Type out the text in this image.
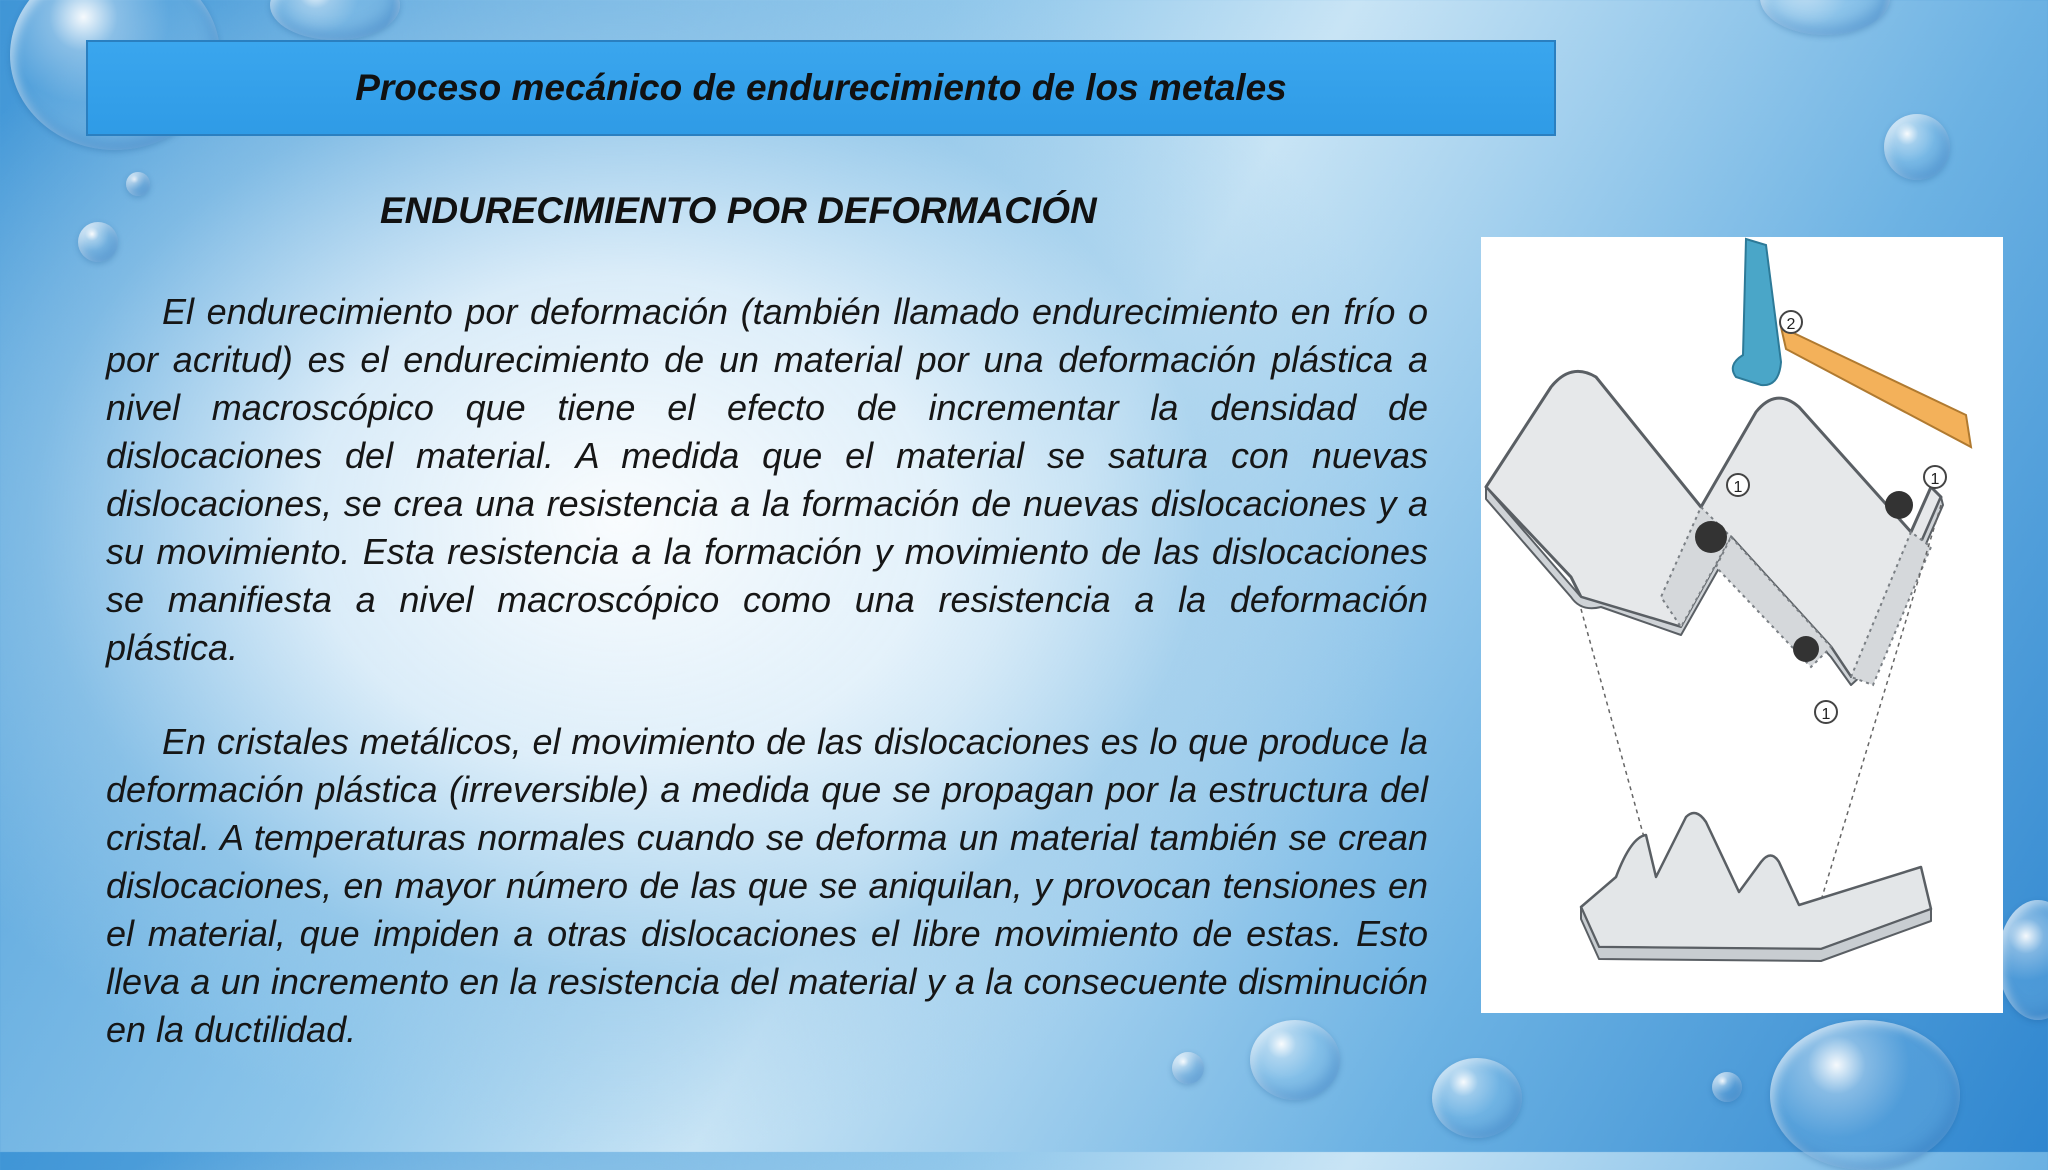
Proceso mecánico de endurecimiento de los metales
ENDURECIMIENTO POR DEFORMACIÓN

El endurecimiento por deformación (también llamado endurecimiento en frío o por acritud) es el endurecimiento de un material por una deformación plástica a nivel macroscópico que tiene el efecto de incrementar la densidad de dislocaciones del material. A medida que el material se satura con nuevas dislocaciones, se crea una resistencia a la formación de nuevas dislocaciones y a su movimiento. Esta resistencia a la formación y movimiento de las dislocaciones se manifiesta a nivel macroscópico como una resistencia a la deformación plástica.

En cristales metálicos, el movimiento de las dislocaciones es lo que produce la deformación plástica (irreversible) a medida que se propagan por la estructura del cristal. A temperaturas normales cuando se deforma un material también se crean dislocaciones, en mayor número de las que se aniquilan, y provocan tensiones en el material, que impiden a otras dislocaciones el libre movimiento de estas. Esto lleva a un incremento en la resistencia del material y a la consecuente disminución en la ductilidad.

2
1	1
1
